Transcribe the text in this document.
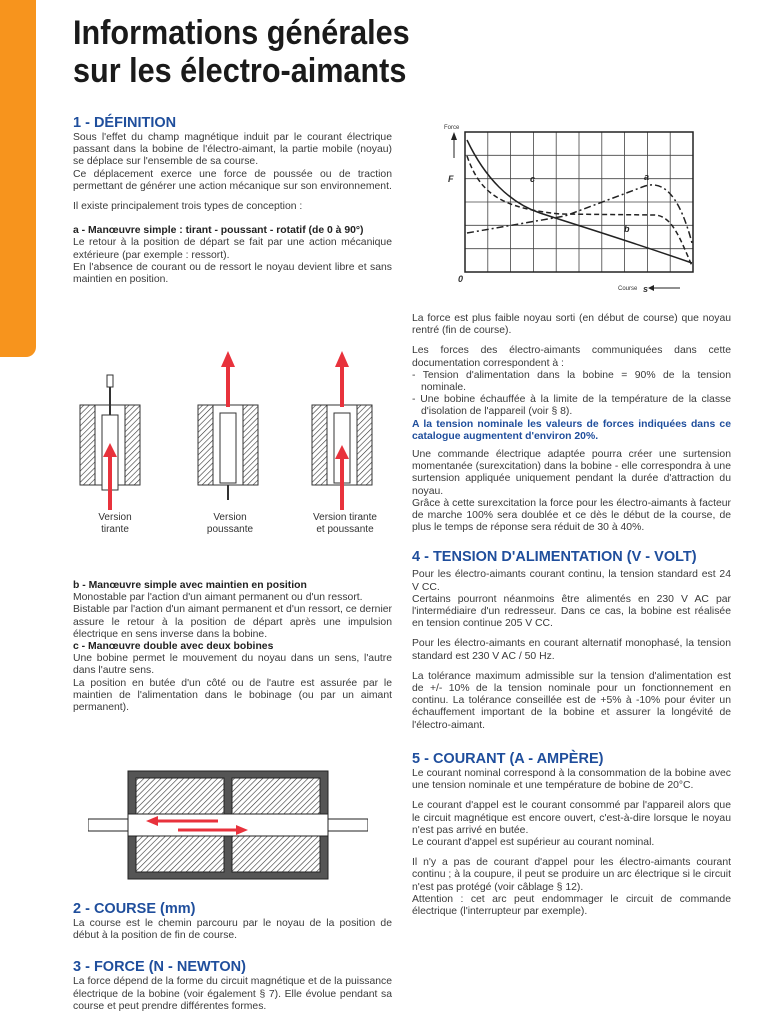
Informations générales
sur les électro-aimants

1 - DÉFINITION

Sous l'effet du champ magnétique induit par le courant électrique passant dans la bobine de l'électro-aimant, la partie mobile (noyau) se déplace sur l'ensemble de sa course.

Ce déplacement exerce une force de poussée ou de traction permettant de générer une action mécanique sur son environnement.

Il existe principalement trois types de conception :

a - Manœuvre simple : tirant - poussant - rotatif (de 0 à 90°)

Le retour à la position de départ se fait par une action mécanique extérieure (par exemple : ressort).

En l'absence de courant ou de ressort le noyau devient libre et sans maintien en position.

Version
tirante
Version
poussante
Version tirante
et poussante

b - Manœuvre simple avec maintien en position

Monostable par l'action d'un aimant permanent ou d'un ressort.

Bistable par l'action d'un aimant permanent et d'un ressort, ce dernier assure le retour à la position de départ après une impulsion électrique en sens inverse dans la bobine.

c - Manœuvre double avec deux bobines

Une bobine permet le mouvement du noyau dans un sens, l'autre dans l'autre sens.

La position en butée d'un côté ou de l'autre est assurée par le maintien de l'alimentation dans le bobinage (ou par un aimant permanent).

2 - COURSE (mm)

La course est le chemin parcouru par le noyau de la position de début à la position de fin de course.

3 - FORCE (N - NEWTON)

La force dépend de la forme du circuit magnétique et de la puissance électrique de la bobine (voir également § 7). Elle évolue pendant sa course et peut prendre différentes formes.

Force
F
0
Course s
a
b
c

La force est plus faible noyau sorti (en début de course) que noyau rentré (fin de course).

Les forces des électro-aimants communiquées dans cette documentation correspondent à :

- Tension d'alimentation dans la bobine = 90% de la tension nominale.

- Une bobine échauffée à la limite de la température de la classe d'isolation de l'appareil (voir § 8).

A la tension nominale les valeurs de forces indiquées dans ce catalogue augmentent d'environ 20%.

Une commande électrique adaptée pourra créer une surtension momentanée (surexcitation) dans la bobine - elle correspondra à une surtension appliquée uniquement pendant la durée d'attraction du noyau.

Grâce à cette surexcitation la force pour les électro-aimants à facteur de marche 100% sera doublée et ce dès le début de la course, de plus le temps de réponse sera réduit de 30 à 40%.

4 - TENSION D'ALIMENTATION (V - VOLT)

Pour les électro-aimants courant continu, la tension standard est 24 V CC.

Certains pourront néanmoins être alimentés en 230 V AC par l'intermédiaire d'un redresseur. Dans ce cas, la bobine est réalisée en tension continue 205 V CC.

Pour les électro-aimants en courant alternatif monophasé, la tension standard est 230 V AC / 50 Hz.

La tolérance maximum admissible sur la tension d'alimentation est de +/- 10% de la tension nominale pour un fonctionnement en continu. La tolérance conseillée est de +5% à -10% pour éviter un échauffement important de la bobine et assurer la longévité de l'électro-aimant.

5 - COURANT (A - AMPÈRE)

Le courant nominal correspond à la consommation de la bobine avec une tension nominale et une température de bobine de 20°C.

Le courant d'appel est le courant consommé par l'appareil alors que le circuit magnétique est encore ouvert, c'est-à-dire lorsque le noyau n'est pas arrivé en butée.

Le courant d'appel est supérieur au courant nominal.

Il n'y a pas de courant d'appel pour les électro-aimants courant continu ; à la coupure, il peut se produire un arc électrique si le circuit n'est pas protégé (voir câblage § 12).

Attention : cet arc peut endommager le circuit de commande électrique (l'interrupteur par exemple).
